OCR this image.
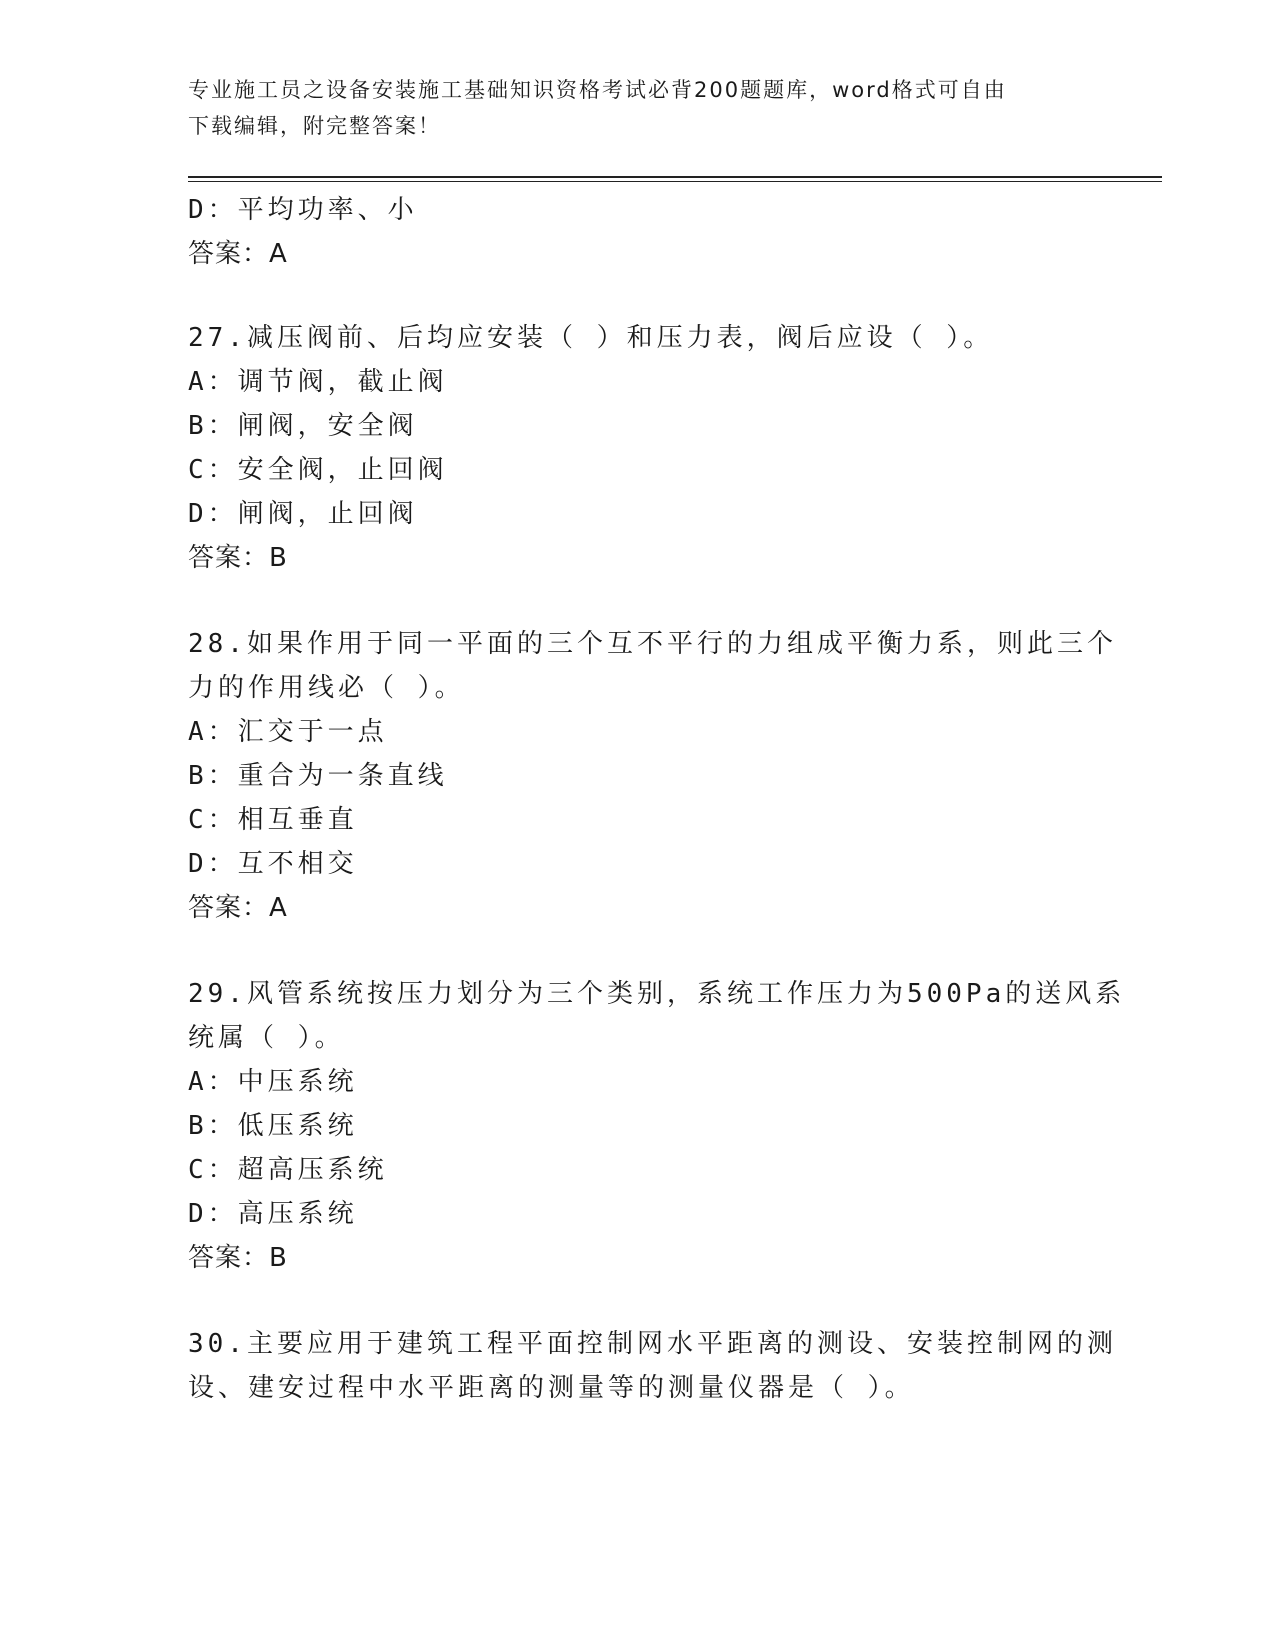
专业施工员之设备安装施工基础知识资格考试必背200题题库，word格式可自由
下载编辑，附完整答案！
D：平均功率、小
答案：A
27.减压阀前、后均应安装（ ）和压力表，阀后应设（ ）。
A：调节阀，截止阀
B：闸阀，安全阀
C：安全阀，止回阀
D：闸阀，止回阀
答案：B
28.如果作用于同一平面的三个互不平行的力组成平衡力系，则此三个
力的作用线必（ ）。
A：汇交于一点
B：重合为一条直线
C：相互垂直
D：互不相交
答案：A
29.风管系统按压力划分为三个类别，系统工作压力为500Pa的送风系
统属（ ）。
A：中压系统
B：低压系统
C：超高压系统
D：高压系统
答案：B
30.主要应用于建筑工程平面控制网水平距离的测设、安装控制网的测
设、建安过程中水平距离的测量等的测量仪器是（ ）。
